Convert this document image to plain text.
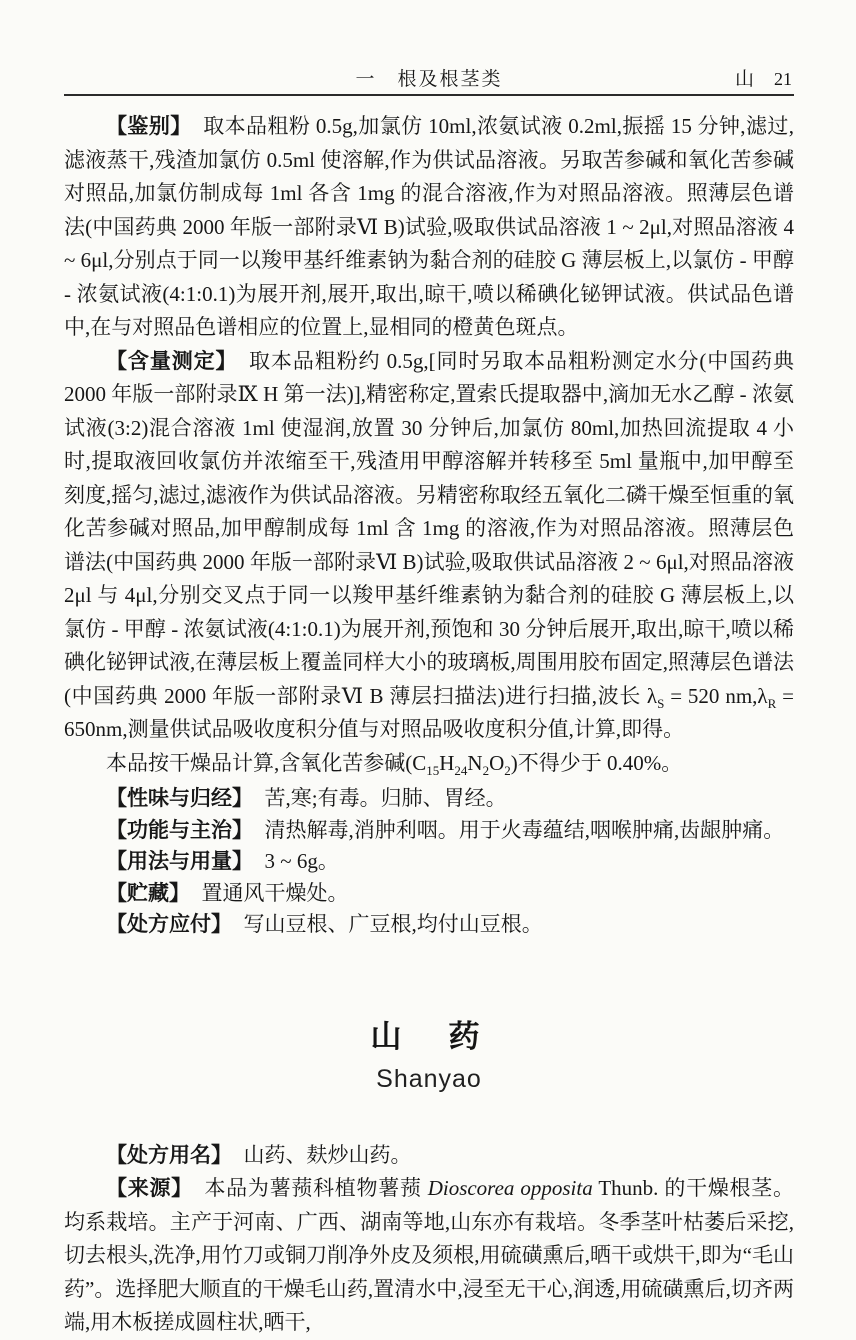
一　根及根茎类	山 21

【鉴别】 取本品粗粉 0.5g,加氯仿 10ml,浓氨试液 0.2ml,振摇 15 分钟,滤过,滤液蒸干,残渣加氯仿 0.5ml 使溶解,作为供试品溶液。另取苦参碱和氧化苦参碱对照品,加氯仿制成每 1ml 各含 1mg 的混合溶液,作为对照品溶液。照薄层色谱法(中国药典 2000 年版一部附录Ⅵ B)试验,吸取供试品溶液 1 ~ 2μl,对照品溶液 4 ~ 6μl,分别点于同一以羧甲基纤维素钠为黏合剂的硅胶 G 薄层板上,以氯仿 - 甲醇 - 浓氨试液(4:1:0.1)为展开剂,展开,取出,晾干,喷以稀碘化铋钾试液。供试品色谱中,在与对照品色谱相应的位置上,显相同的橙黄色斑点。

【含量测定】 取本品粗粉约 0.5g,[同时另取本品粗粉测定水分(中国药典 2000 年版一部附录Ⅸ H 第一法)],精密称定,置索氏提取器中,滴加无水乙醇 - 浓氨试液(3:2)混合溶液 1ml 使湿润,放置 30 分钟后,加氯仿 80ml,加热回流提取 4 小时,提取液回收氯仿并浓缩至干,残渣用甲醇溶解并转移至 5ml 量瓶中,加甲醇至刻度,摇匀,滤过,滤液作为供试品溶液。另精密称取经五氧化二磷干燥至恒重的氧化苦参碱对照品,加甲醇制成每 1ml 含 1mg 的溶液,作为对照品溶液。照薄层色谱法(中国药典 2000 年版一部附录Ⅵ B)试验,吸取供试品溶液 2 ~ 6μl,对照品溶液 2μl 与 4μl,分别交叉点于同一以羧甲基纤维素钠为黏合剂的硅胶 G 薄层板上,以氯仿 - 甲醇 - 浓氨试液(4:1:0.1)为展开剂,预饱和 30 分钟后展开,取出,晾干,喷以稀碘化铋钾试液,在薄层板上覆盖同样大小的玻璃板,周围用胶布固定,照薄层色谱法(中国药典 2000 年版一部附录Ⅵ B 薄层扫描法)进行扫描,波长 $\lambda_S = 520$ $nm,\lambda_R = 650nm$,测量供试品吸收度积分值与对照品吸收度积分值,计算,即得。

本品按干燥品计算,含氧化苦参碱$(C_{15}H_{24}N_2O_2)$不得少于 0.40%。

【性味与归经】 苦,寒;有毒。归肺、胃经。

【功能与主治】 清热解毒,消肿利咽。用于火毒蕴结,咽喉肿痛,齿龈肿痛。

【用法与用量】 3 ~ 6g。

【贮藏】 置通风干燥处。

【处方应付】 写山豆根、广豆根,均付山豆根。

山　药
Shanyao

【处方用名】 山药、麸炒山药。

【来源】 本品为薯蓣科植物薯蓣 Dioscorea opposita Thunb. 的干燥根茎。均系栽培。主产于河南、广西、湖南等地,山东亦有栽培。冬季茎叶枯萎后采挖,切去根头,洗净,用竹刀或铜刀削净外皮及须根,用硫磺熏后,晒干或烘干,即为“毛山药”。选择肥大顺直的干燥毛山药,置清水中,浸至无干心,润透,用硫磺熏后,切齐两端,用木板搓成圆柱状,晒干,
